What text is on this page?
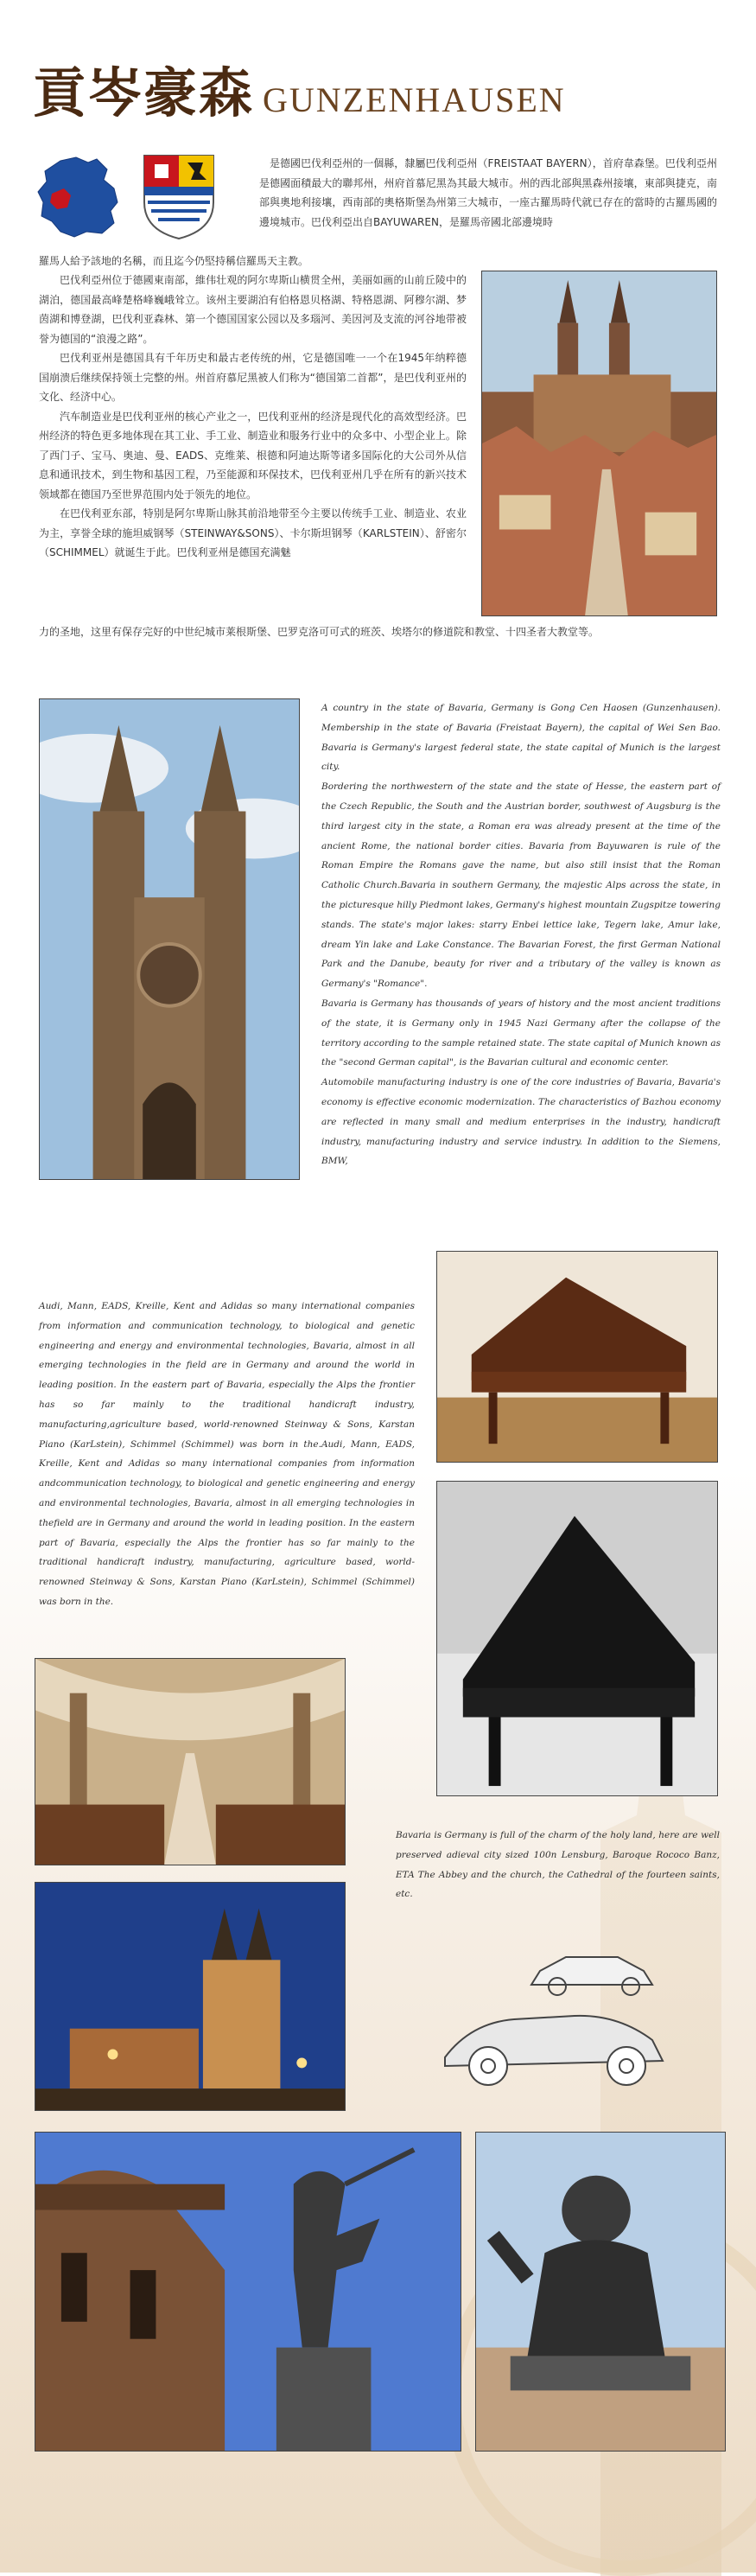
貢岑豪森 GUNZENHAUSEN

是德國巴伐利亞州的一個縣，隸屬巴伐利亞州（FREISTAAT BAYERN），首府韋森堡。巴伐利亞州是德國面積最大的聯邦州，州府首慕尼黑為其最大城市。州的西北部與黑森州接壤，東部與捷克，南部與奧地利接壤，西南部的奧格斯堡為州第三大城市，一座古羅馬時代就已存在的當時的古羅馬國的邊境城市。巴伐利亞出自BAYUWAREN，是羅馬帝國北部邊境時

羅馬人給予該地的名稱，而且迄今仍堅持稱信羅馬天主教。

巴伐利亞州位于德國東南部，維伟壮观的阿尔卑斯山横贯全州，美丽如画的山前丘陵中的湖泊，德国最高峰楚格峰巍峨耸立。该州主要湖泊有伯格恩贝格湖、特格恩湖、阿穆尔湖、梦茵湖和博登湖，巴伐利亚森林、第一个德国国家公园以及多瑙河、美因河及支流的河谷地带被誉为德国的“浪漫之路”。

巴伐利亚州是德国具有千年历史和最古老传统的州，它是德国唯一一个在1945年纳粹德国崩溃后继续保持领土完整的州。州首府慕尼黑被人们称为“德国第二首都”，是巴伐利亚州的文化、经济中心。

汽车制造业是巴伐利亚州的核心产业之一，巴伐利亚州的经济是现代化的高效型经济。巴州经济的特色更多地体现在其工业、手工业、制造业和服务行业中的众多中、小型企业上。除了西门子、宝马、奥迪、曼、EADS、克维莱、根德和阿迪达斯等诸多国际化的大公司外从信息和通讯技术，到生物和基因工程，乃至能源和环保技术，巴伐利亚州几乎在所有的新兴技术领域都在德国乃至世界范围内处于领先的地位。

在巴伐利亚东部，特别是阿尔卑斯山脉其前沿地带至今主要以传统手工业、制造业、农业为主，享誉全球的施坦威钢琴（STEINWAY&SONS）、卡尔斯坦钢琴（KARLSTEIN）、舒密尔（SCHIMMEL）就诞生于此。巴伐利亚州是德国充满魅

力的圣地，这里有保存完好的中世纪城市莱根斯堡、巴罗克洛可可式的班茨、埃塔尔的修道院和教堂、十四圣者大教堂等。

A country in the state of Bavaria, Germany is Gong Cen Haosen (Gunzenhausen). Membership in the state of Bavaria (Freistaat Bayern), the capital of Wei Sen Bao. Bavaria is Germany's largest federal state, the state capital of Munich is the largest city.
Bordering the northwestern of the state and the state of Hesse, the eastern part of the Czech Republic, the South and the Austrian border, southwest of Augsburg is the third largest city in the state, a Roman era was already present at the time of the ancient Rome, the national border cities. Bavaria from Bayuwaren is rule of the Roman Empire the Romans gave the name, but also still insist that the Roman Catholic Church.Bavaria in southern Germany, the majestic Alps across the state, in the picturesque hilly Piedmont lakes, Germany's highest mountain Zugspitze towering stands. The state's major lakes: starry Enbei lettice lake, Tegern lake, Amur lake, dream Yin lake and Lake Constance. The Bavarian Forest, the first German National Park and the Danube, beauty for river and a tributary of the valley is known as Germany's "Romance".
Bavaria is Germany has thousands of years of history and the most ancient traditions of the state, it is Germany only in 1945 Nazi Germany after the collapse of the territory according to the sample retained state. The state capital of Munich known as the "second German capital", is the Bavarian cultural and economic center.
Automobile manufacturing industry is one of the core industries of Bavaria, Bavaria's economy is effective economic modernization. The characteristics of Bazhou economy are reflected in many small and medium enterprises in the industry, handicraft industry, manufacturing industry and service industry. In addition to the Siemens, BMW,
Audi, Mann, EADS, Kreille, Kent and Adidas so many international companies from information and communication technology, to biological and genetic engineering and energy and environmental technologies, Bavaria, almost in all emerging technologies in the field are in Germany and around the world in leading position. In the eastern part of Bavaria, especially the Alps the frontier has so far mainly to the traditional handicraft industry, manufacturing,agriculture based, world-renowned Steinway & Sons, Karstan Piano (KarLstein), Schimmel (Schimmel) was born in the.Audi, Mann, EADS, Kreille, Kent and Adidas so many international companies from information andcommunication technology, to biological and genetic engineering and energy and environmental technologies, Bavaria, almost in all emerging technologies in thefield are in Germany and around the world in leading position. In the eastern part of Bavaria, especially the Alps the frontier has so far mainly to the traditional handicraft industry, manufacturing, agriculture based, world-renowned Steinway & Sons, Karstan Piano (KarLstein), Schimmel (Schimmel) was born in the.

Bavaria is Germany is full of the charm of the holy land, here are well preserved adieval city sized 100n Lensburg, Baroque Rococo Banz, ETA The Abbey and the church, the Cathedral of the fourteen saints, etc.
